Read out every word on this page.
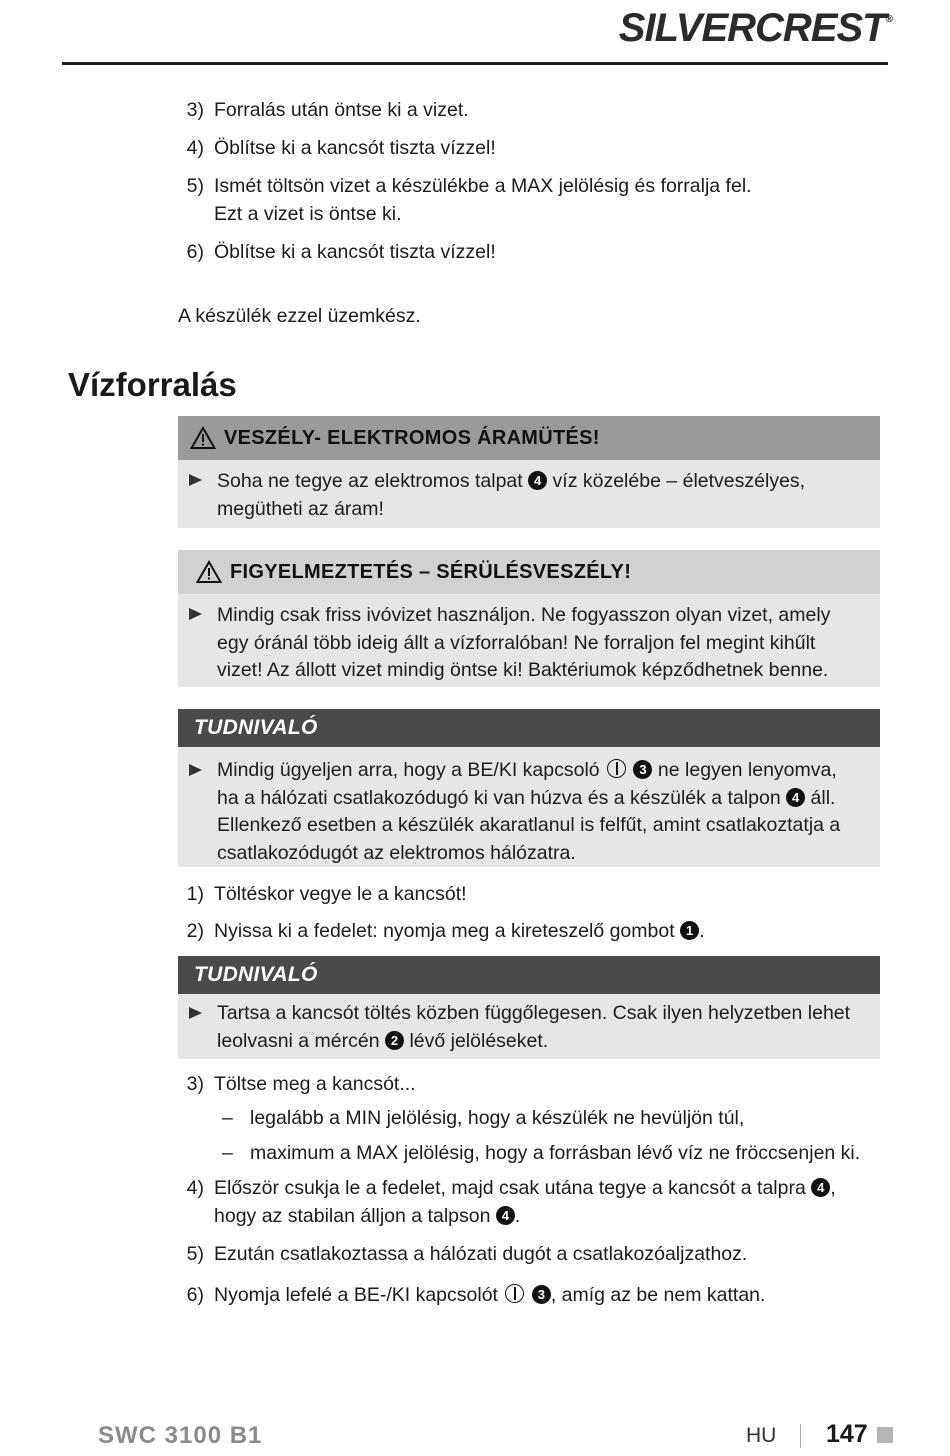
SILVERCREST®
3) Forralás után öntse ki a vizet.
4) Öblítse ki a kancsót tiszta vízzel!
5) Ismét töltsön vizet a készülékbe a MAX jelölésig és forralja fel.
Ezt a vizet is öntse ki.
6) Öblítse ki a kancsót tiszta vízzel!
A készülék ezzel üzemkész.
Vízforralás
VESZÉLY- ELEKTROMOS ÁRAMÜTÉS!
Soha ne tegye az elektromos talpat 4 víz közelébe – életveszélyes,
megütheti az áram!
FIGYELMEZTETÉS – SÉRÜLÉSVESZÉLY!
Mindig csak friss ivóvizet használjon. Ne fogyasszon olyan vizet, amely
egy óránál több ideig állt a vízforralóban! Ne forraljon fel megint kihűlt
vizet! Az állott vizet mindig öntse ki! Baktériumok képződhetnek benne.
TUDNIVALÓ
Mindig ügyeljen arra, hogy a BE/KI kapcsoló	3 ne legyen lenyomva,
ha a hálózati csatlakozódugó ki van húzva és a készülék a talpon 4 áll.
Ellenkező esetben a készülék akaratlanul is felfűt, amint csatlakoztatja a
csatlakozódugót az elektromos hálózatra.
1) Töltéskor vegye le a kancsót!
2) Nyissa ki a fedelet: nyomja meg a kireteszelő gombot 1 .
TUDNIVALÓ
Tartsa a kancsót töltés közben függőlegesen. Csak ilyen helyzetben lehet
leolvasni a mércén 2 lévő jelöléseket.
3) Töltse meg a kancsót...
– legalább a MIN jelölésig, hogy a készülék ne hevüljön túl,
– maximum a MAX jelölésig, hogy a forrásban lévő víz ne fröccsenjen ki.
4) Először csukja le a fedelet, majd csak utána tegye a kancsót a talpra 4 ,
hogy az stabilan álljon a talpson 4 .
5) Ezután csatlakoztassa a hálózati dugót a csatlakozóaljzathoz.
6) Nyomja lefelé a BE-/KI kapcsolót	3 , amíg az be nem kattan.
SWC 3100 B1	HU 147
